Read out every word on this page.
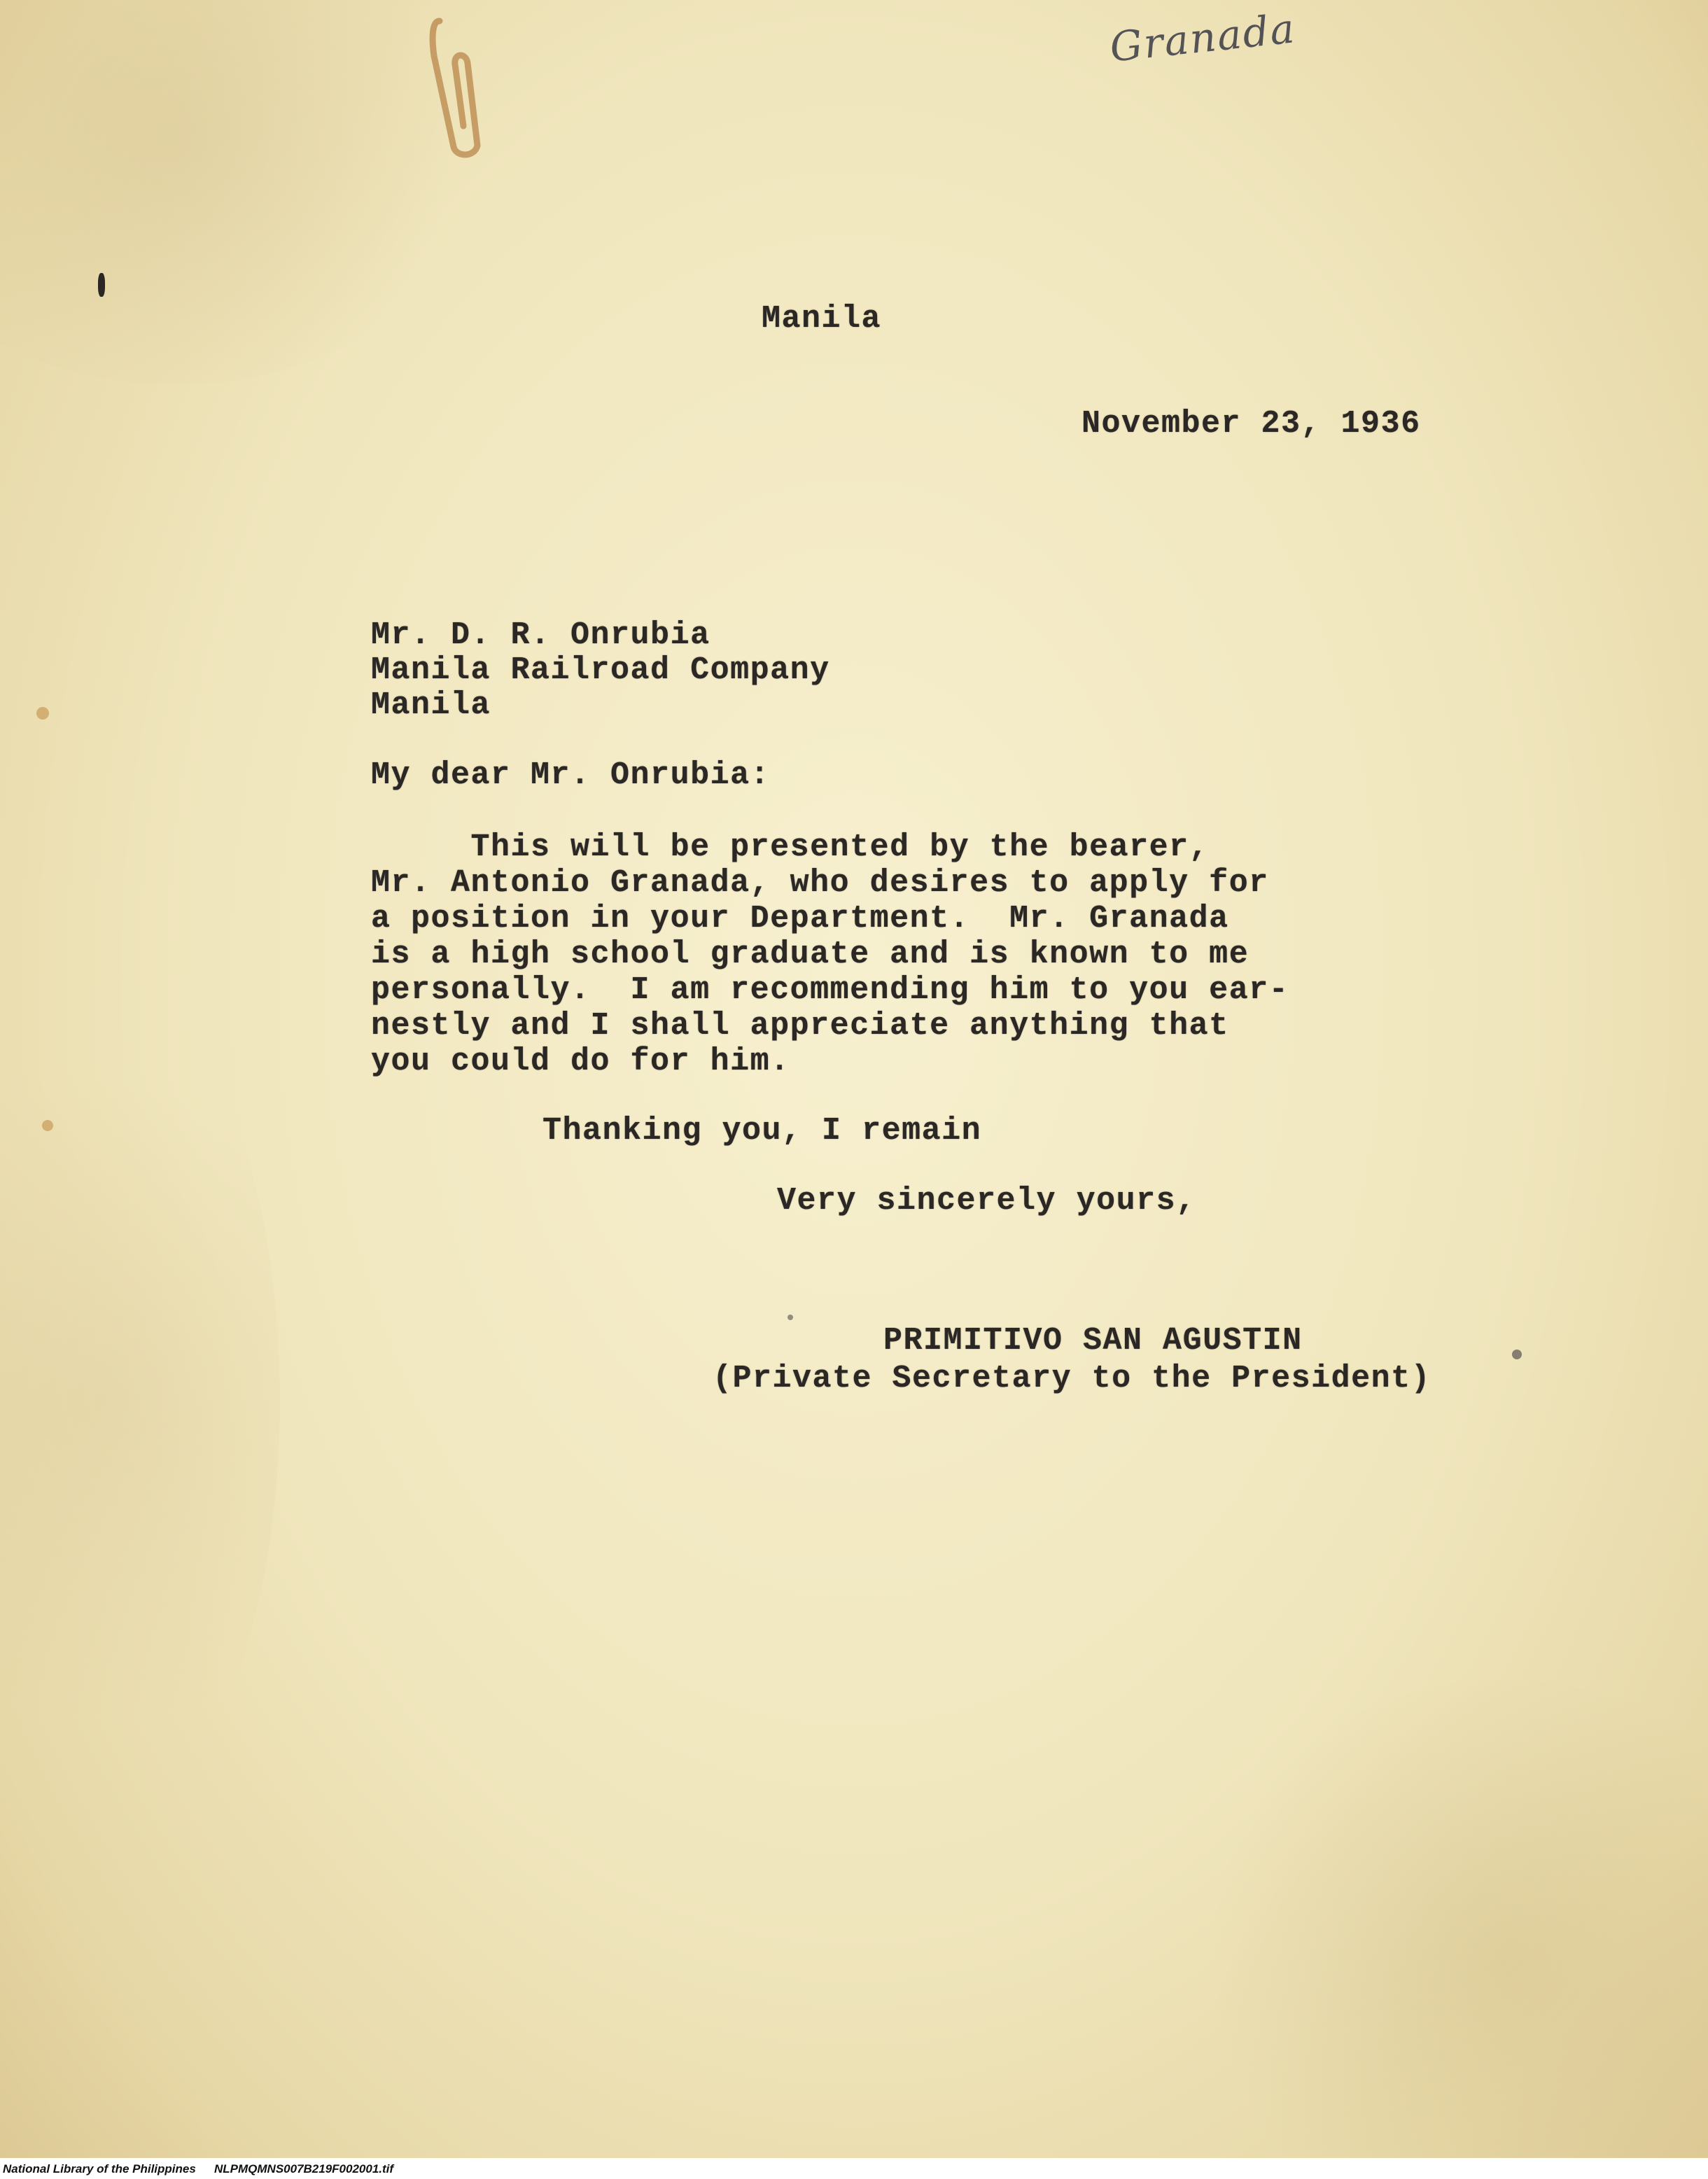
Granada

Manila

November 23, 1936

Mr. D. R. Onrubia

Manila Railroad Company

Manila

My dear Mr. Onrubia:

This will be presented by the bearer,

Mr. Antonio Granada, who desires to apply for

a position in your Department.  Mr. Granada

is a high school graduate and is known to me

personally.  I am recommending him to you ear-

nestly and I shall appreciate anything that

you could do for him.

Thanking you, I remain

Very sincerely yours,

PRIMITIVO SAN AGUSTIN

(Private Secretary to the President)

National Library of the Philippines NLPMQMNS007B219F002001.tif
